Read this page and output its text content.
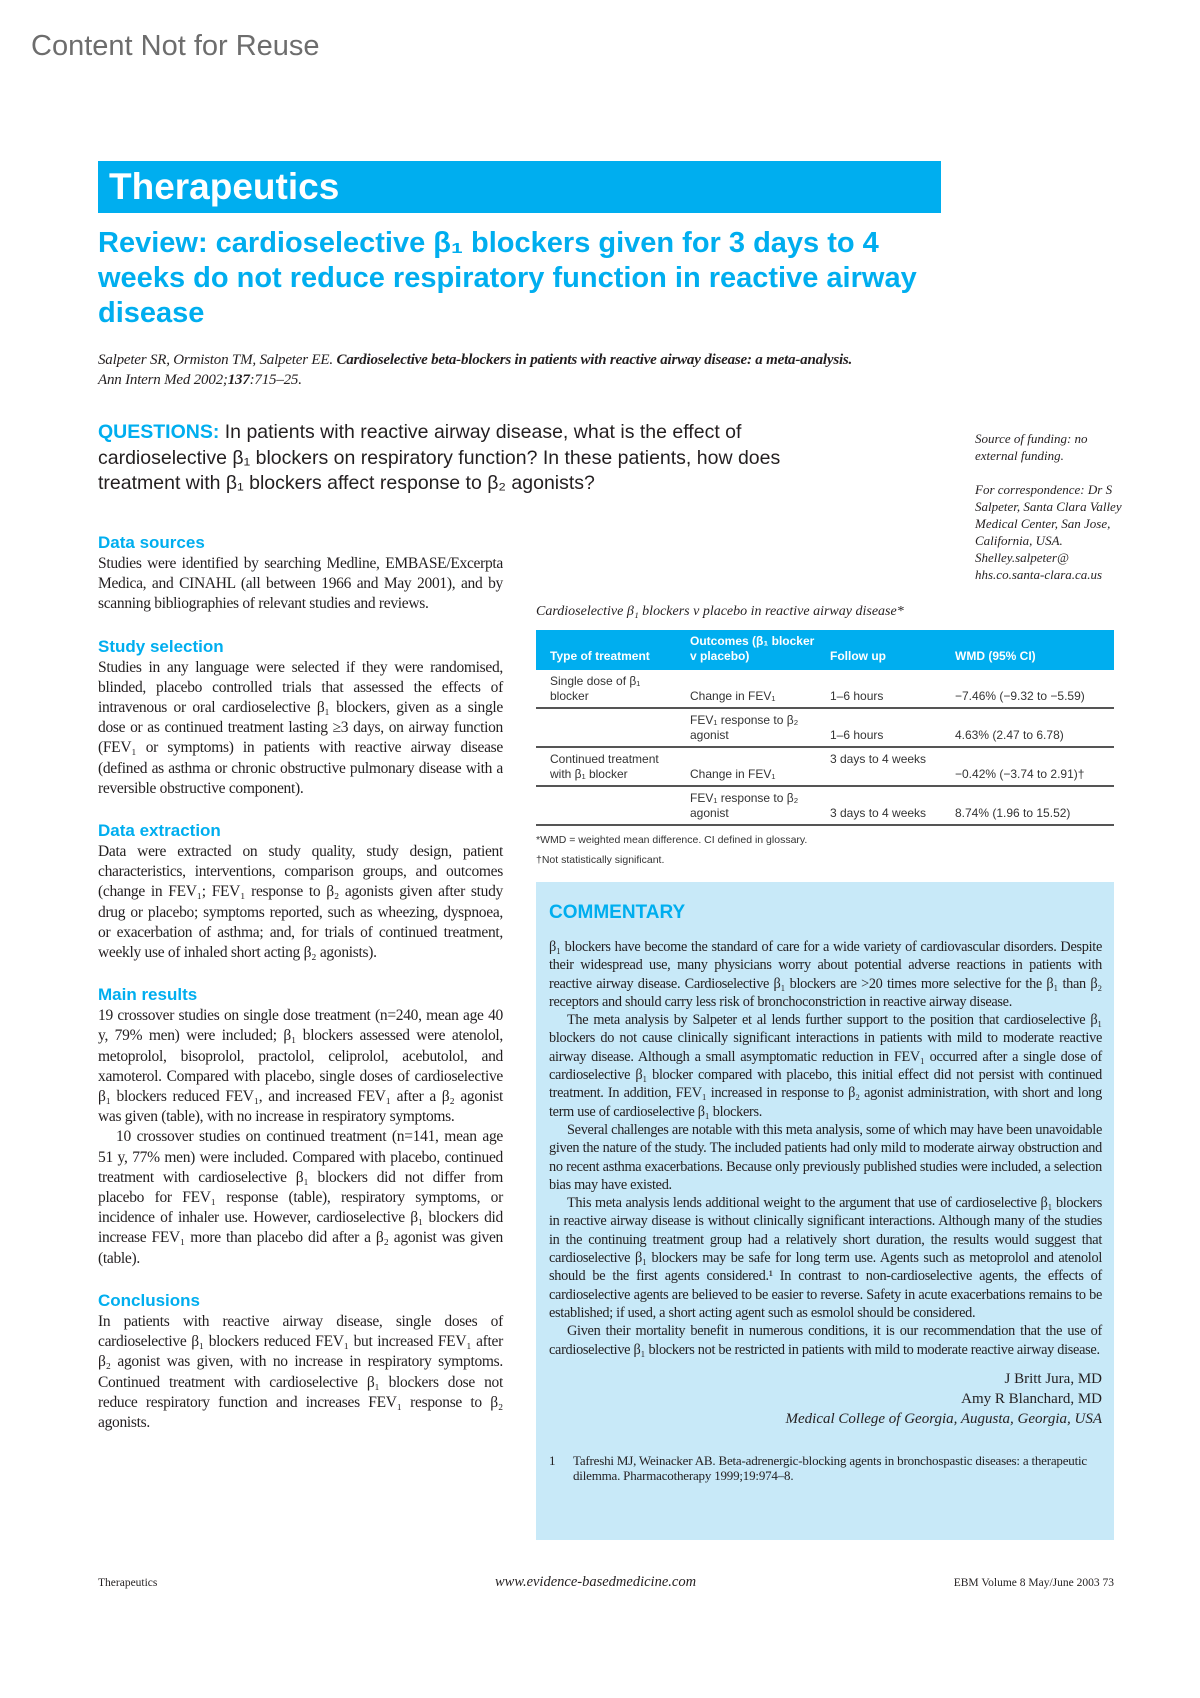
Content Not for Reuse
Therapeutics
Review: cardioselective β₁ blockers given for 3 days to 4 weeks do not reduce respiratory function in reactive airway disease
Salpeter SR, Ormiston TM, Salpeter EE. Cardioselective beta-blockers in patients with reactive airway disease: a meta-analysis. Ann Intern Med 2002;137:715–25.
QUESTIONS: In patients with reactive airway disease, what is the effect of cardioselective β₁ blockers on respiratory function? In these patients, how does treatment with β₁ blockers affect response to β₂ agonists?

Source of funding: no external funding.

For correspondence: Dr S Salpeter, Santa Clara Valley Medical Center, San Jose, California, USA. Shelley.salpeter@ hhs.co.santa-clara.ca.us

Data sources

Studies were identified by searching Medline, EMBASE/Excerpta Medica, and CINAHL (all between 1966 and May 2001), and by scanning bibliographies of relevant studies and reviews.

Study selection

Studies in any language were selected if they were randomised, blinded, placebo controlled trials that assessed the effects of intravenous or oral cardioselective β₁ blockers, given as a single dose or as continued treatment lasting ≥3 days, on airway function (FEV₁ or symptoms) in patients with reactive airway disease (defined as asthma or chronic obstructive pulmonary disease with a reversible obstructive component).

Data extraction

Data were extracted on study quality, study design, patient characteristics, interventions, comparison groups, and outcomes (change in FEV₁; FEV₁ response to β₂ agonists given after study drug or placebo; symptoms reported, such as wheezing, dyspnoea, or exacerbation of asthma; and, for trials of continued treatment, weekly use of inhaled short acting β₂ agonists).

Main results

19 crossover studies on single dose treatment (n=240, mean age 40 y, 79% men) were included; β₁ blockers assessed were atenolol, metoprolol, bisoprolol, practolol, celiprolol, acebutolol, and xamoterol. Compared with placebo, single doses of cardioselective β₁ blockers reduced FEV₁, and increased FEV₁ after a β₂ agonist was given (table), with no increase in respiratory symptoms.

10 crossover studies on continued treatment (n=141, mean age 51 y, 77% men) were included. Compared with placebo, continued treatment with cardioselective β₁ blockers did not differ from placebo for FEV₁ response (table), respiratory symptoms, or incidence of inhaler use. However, cardioselective β₁ blockers did increase FEV₁ more than placebo did after a β₂ agonist was given (table).

Conclusions

In patients with reactive airway disease, single doses of cardioselective β₁ blockers reduced FEV₁ but increased FEV₁ after β₂ agonist was given, with no increase in respiratory symptoms. Continued treatment with cardioselective β₁ blockers dose not reduce respiratory function and increases FEV₁ response to β₂ agonists.

Cardioselective β₁ blockers v placebo in reactive airway disease*
Type of treatment	Outcomes (β₁ blocker v placebo)	Follow up	WMD (95% CI)
Single dose of β₁ blocker	Change in FEV₁	1–6 hours	−7.46% (−9.32 to −5.59)
	FEV₁ response to β₂ agonist	1–6 hours	4.63% (2.47 to 6.78)
Continued treatment with β₁ blocker	Change in FEV₁	3 days to 4 weeks	−0.42% (−3.74 to 2.91)†
	FEV₁ response to β₂ agonist	3 days to 4 weeks	8.74% (1.96 to 15.52)
*WMD = weighted mean difference. CI defined in glossary.
†Not statistically significant.
COMMENTARY

β₁ blockers have become the standard of care for a wide variety of cardiovascular disorders. Despite their widespread use, many physicians worry about potential adverse reactions in patients with reactive airway disease. Cardioselective β₁ blockers are >20 times more selective for the β₁ than β₂ receptors and should carry less risk of bronchoconstriction in reactive airway disease.

The meta analysis by Salpeter et al lends further support to the position that cardioselective β₁ blockers do not cause clinically significant interactions in patients with mild to moderate reactive airway disease. Although a small asymptomatic reduction in FEV₁ occurred after a single dose of cardioselective β₁ blocker compared with placebo, this initial effect did not persist with continued treatment. In addition, FEV₁ increased in response to β₂ agonist administration, with short and long term use of cardioselective β₁ blockers.

Several challenges are notable with this meta analysis, some of which may have been unavoidable given the nature of the study. The included patients had only mild to moderate airway obstruction and no recent asthma exacerbations. Because only previously published studies were included, a selection bias may have existed.

This meta analysis lends additional weight to the argument that use of cardioselective β₁ blockers in reactive airway disease is without clinically significant interactions. Although many of the studies in the continuing treatment group had a relatively short duration, the results would suggest that cardioselective β₁ blockers may be safe for long term use. Agents such as metoprolol and atenolol should be the first agents considered.¹ In contrast to non-cardioselective agents, the effects of cardioselective agents are believed to be easier to reverse. Safety in acute exacerbations remains to be established; if used, a short acting agent such as esmolol should be considered.

Given their mortality benefit in numerous conditions, it is our recommendation that the use of cardioselective β₁ blockers not be restricted in patients with mild to moderate reactive airway disease.

J Britt Jura, MD
Amy R Blanchard, MD
Medical College of Georgia, Augusta, Georgia, USA
1	Tafreshi MJ, Weinacker AB. Beta-adrenergic-blocking agents in bronchospastic diseases: a therapeutic dilemma. Pharmacotherapy 1999;19:974–8.
Therapeutics	www.evidence-basedmedicine.com	EBM Volume 8 May/June 2003 73
